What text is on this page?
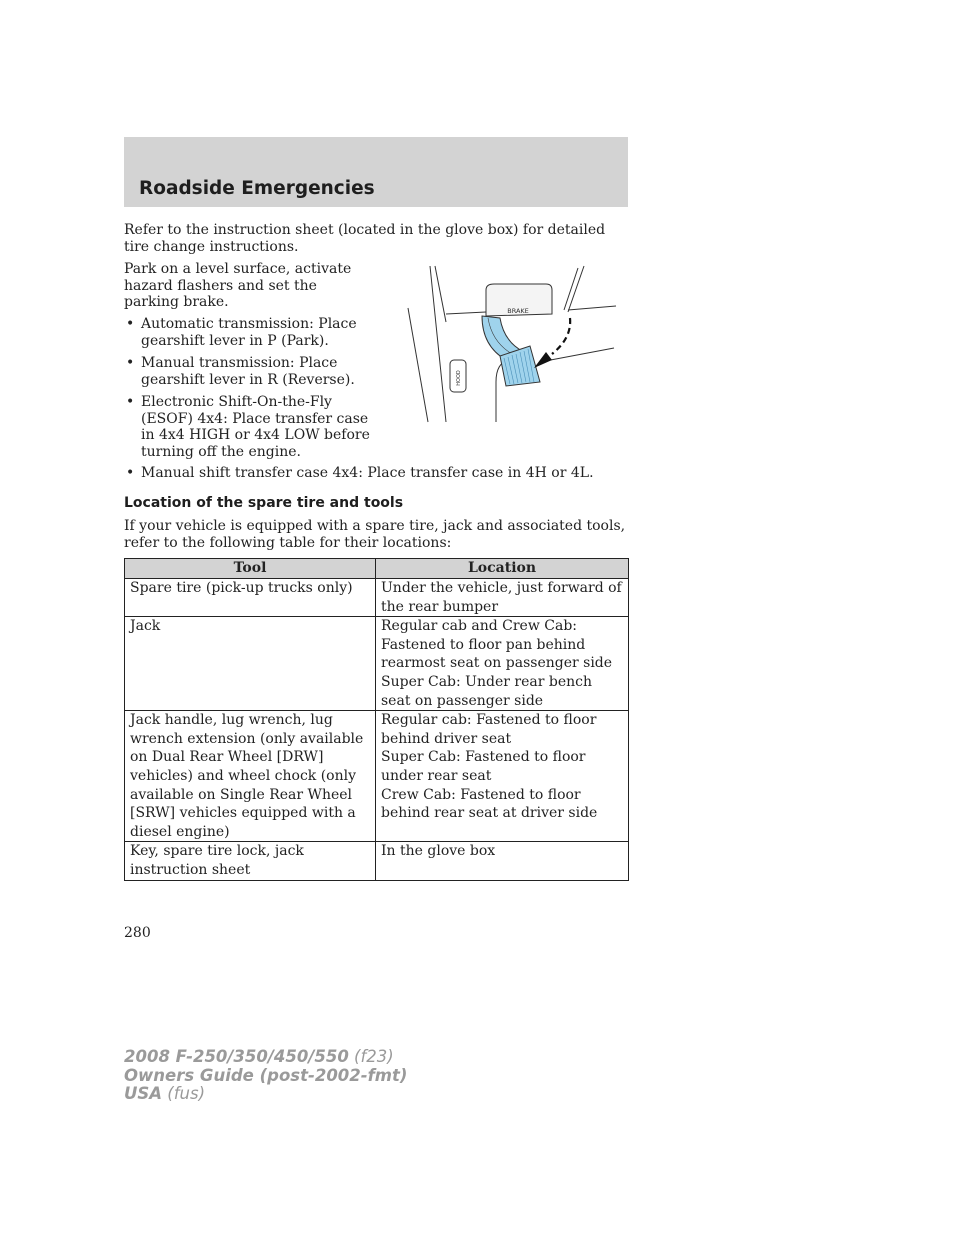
Roadside Emergencies
Refer to the instruction sheet (located in the glove box) for detailed tire change instructions.
Park on a level surface, activate hazard flashers and set the parking brake.
• Automatic transmission: Place gearshift lever in P (Park).
• Manual transmission: Place gearshift lever in R (Reverse).
• Electronic Shift-On-the-Fly (ESOF) 4x4: Place transfer case in 4x4 HIGH or 4x4 LOW before turning off the engine.
• Manual shift transfer case 4x4: Place transfer case in 4H or 4L.
HOOD
BRAKE
Location of the spare tire and tools
If your vehicle is equipped with a spare tire, jack and associated tools, refer to the following table for their locations:
Tool	Location

Spare tire (pick-up trucks only)	Under the vehicle, just forward of the rear bumper

Jack	Regular cab and Crew Cab: Fastened to floor pan behind rearmost seat on passenger side
Super Cab: Under rear bench seat on passenger side

Jack handle, lug wrench, lug wrench extension (only available on Dual Rear Wheel [DRW] vehicles) and wheel chock (only available on Single Rear Wheel [SRW] vehicles equipped with a diesel engine)	Regular cab: Fastened to floor behind driver seat
Super Cab: Fastened to floor under rear seat
Crew Cab: Fastened to floor behind rear seat at driver side

Key, spare tire lock, jack instruction sheet	In the glove box
280
2008 F-250/350/450/550 (f23)
Owners Guide (post-2002-fmt)
USA (fus)
